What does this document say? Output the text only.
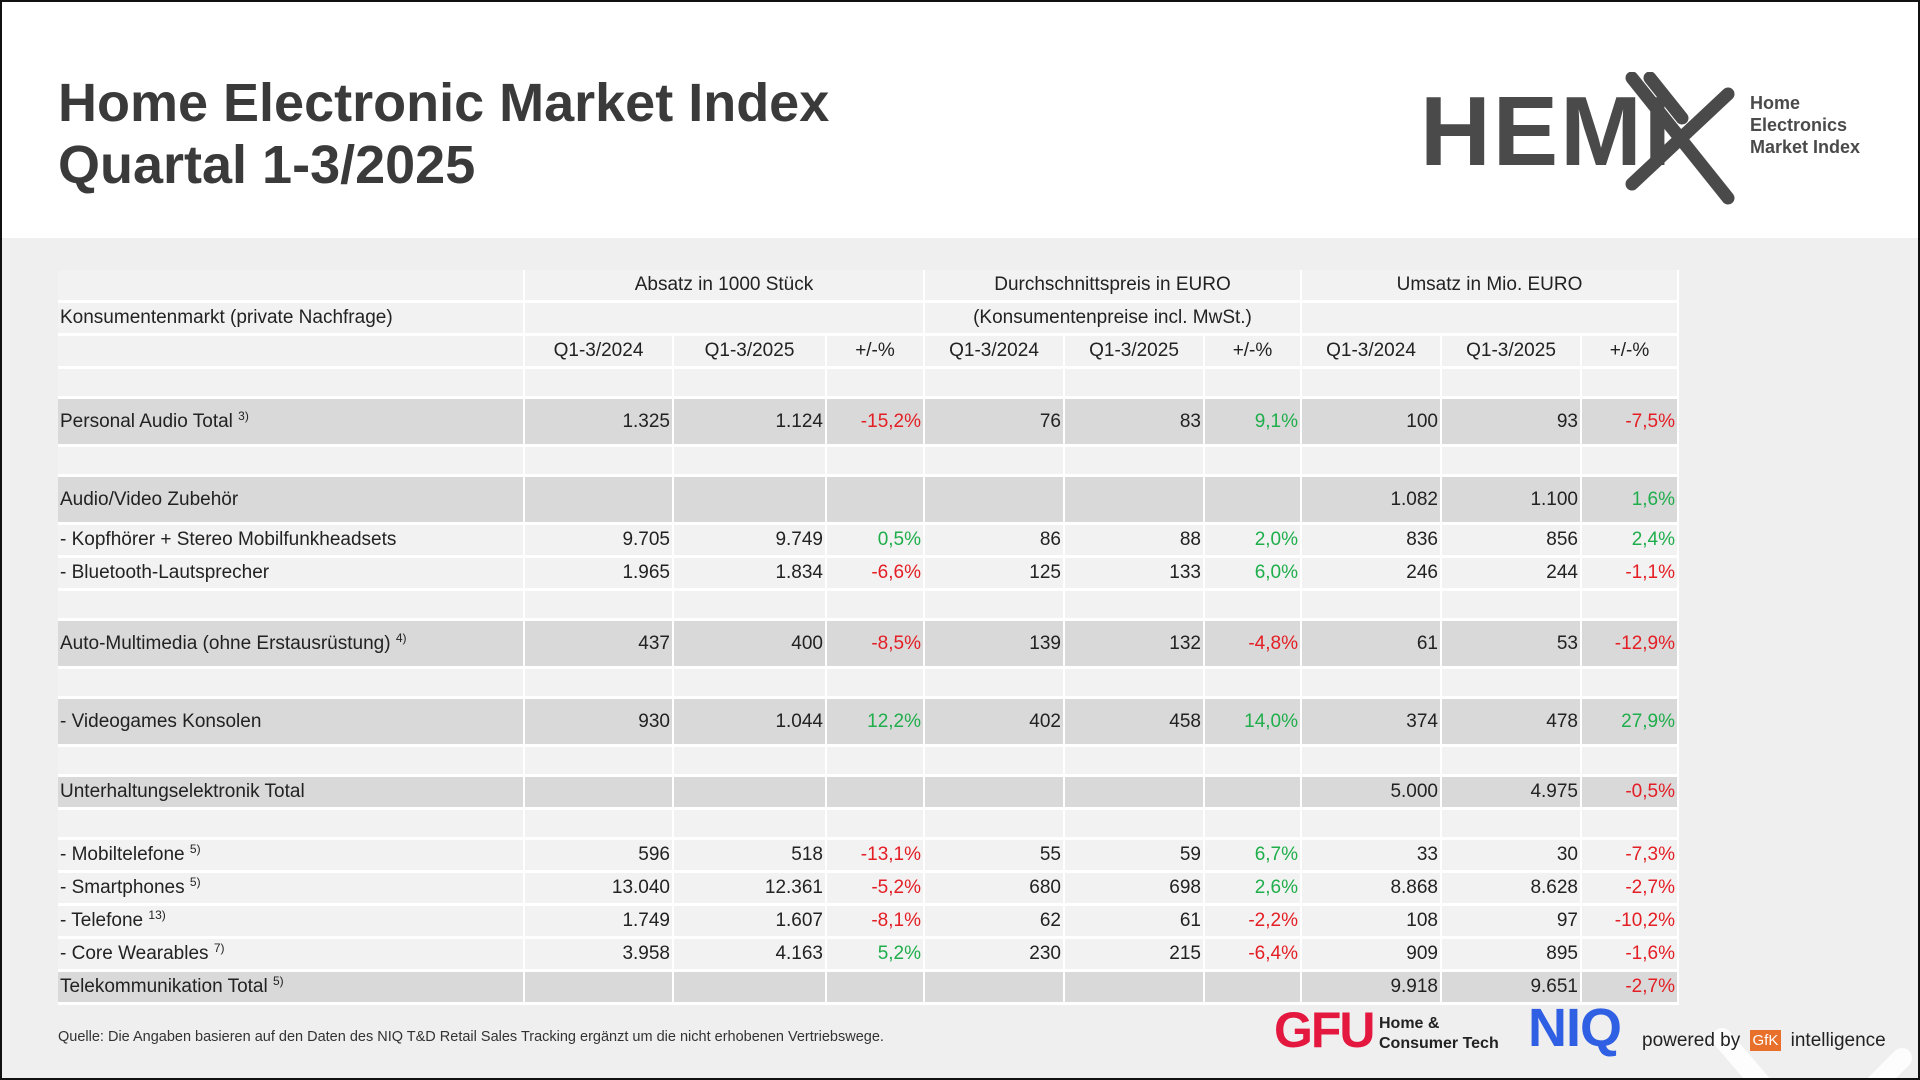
Home Electronic Market Index
Quartal 1-3/2025	HEMI	Home
Electronics
Market Index
	Absatz in 1000 Stück			Durchschnittspreis in EURO			Umsatz in Mio. EURO		
Konsumentenmarkt (private Nachfrage)				(Konsumentenpreise incl. MwSt.)					
	Q1-3/2024	Q1-3/2025	+/-%	Q1-3/2024	Q1-3/2025	+/-%	Q1-3/2024	Q1-3/2025	+/-%

Personal Audio Total $^{3)}$	1.325	1.124	-15,2%	76	83	9,1%	100	93	-7,5%

Audio/Video Zubehör							1.082	1.100	1,6%
- Kopfhörer + Stereo Mobilfunkheadsets	9.705	9.749	0,5%	86	88	2,0%	836	856	2,4%
- Bluetooth-Lautsprecher	1.965	1.834	-6,6%	125	133	6,0%	246	244	-1,1%

Auto-Multimedia (ohne Erstausrüstung) $^{4)}$	437	400	-8,5%	139	132	-4,8%	61	53	-12,9%

- Videogames Konsolen	930	1.044	12,2%	402	458	14,0%	374	478	27,9%

Unterhaltungselektronik Total							5.000	4.975	-0,5%

- Mobiltelefone $^{5)}$	596	518	-13,1%	55	59	6,7%	33	30	-7,3%
- Smartphones $^{5)}$	13.040	12.361	-5,2%	680	698	2,6%	8.868	8.628	-2,7%
- Telefone $^{13)}$	1.749	1.607	-8,1%	62	61	-2,2%	108	97	-10,2%
- Core Wearables $^{7)}$	3.958	4.163	5,2%	230	215	-6,4%	909	895	-1,6%
Telekommunikation Total $^{5)}$							9.918	9.651	-2,7%
Quelle: Die Angaben basieren auf den Daten des NIQ T&D Retail Sales Tracking ergänzt um die nicht erhobenen Vertriebswege.	GFU Home &
Consumer Tech NIQ powered by GfK intelligence
